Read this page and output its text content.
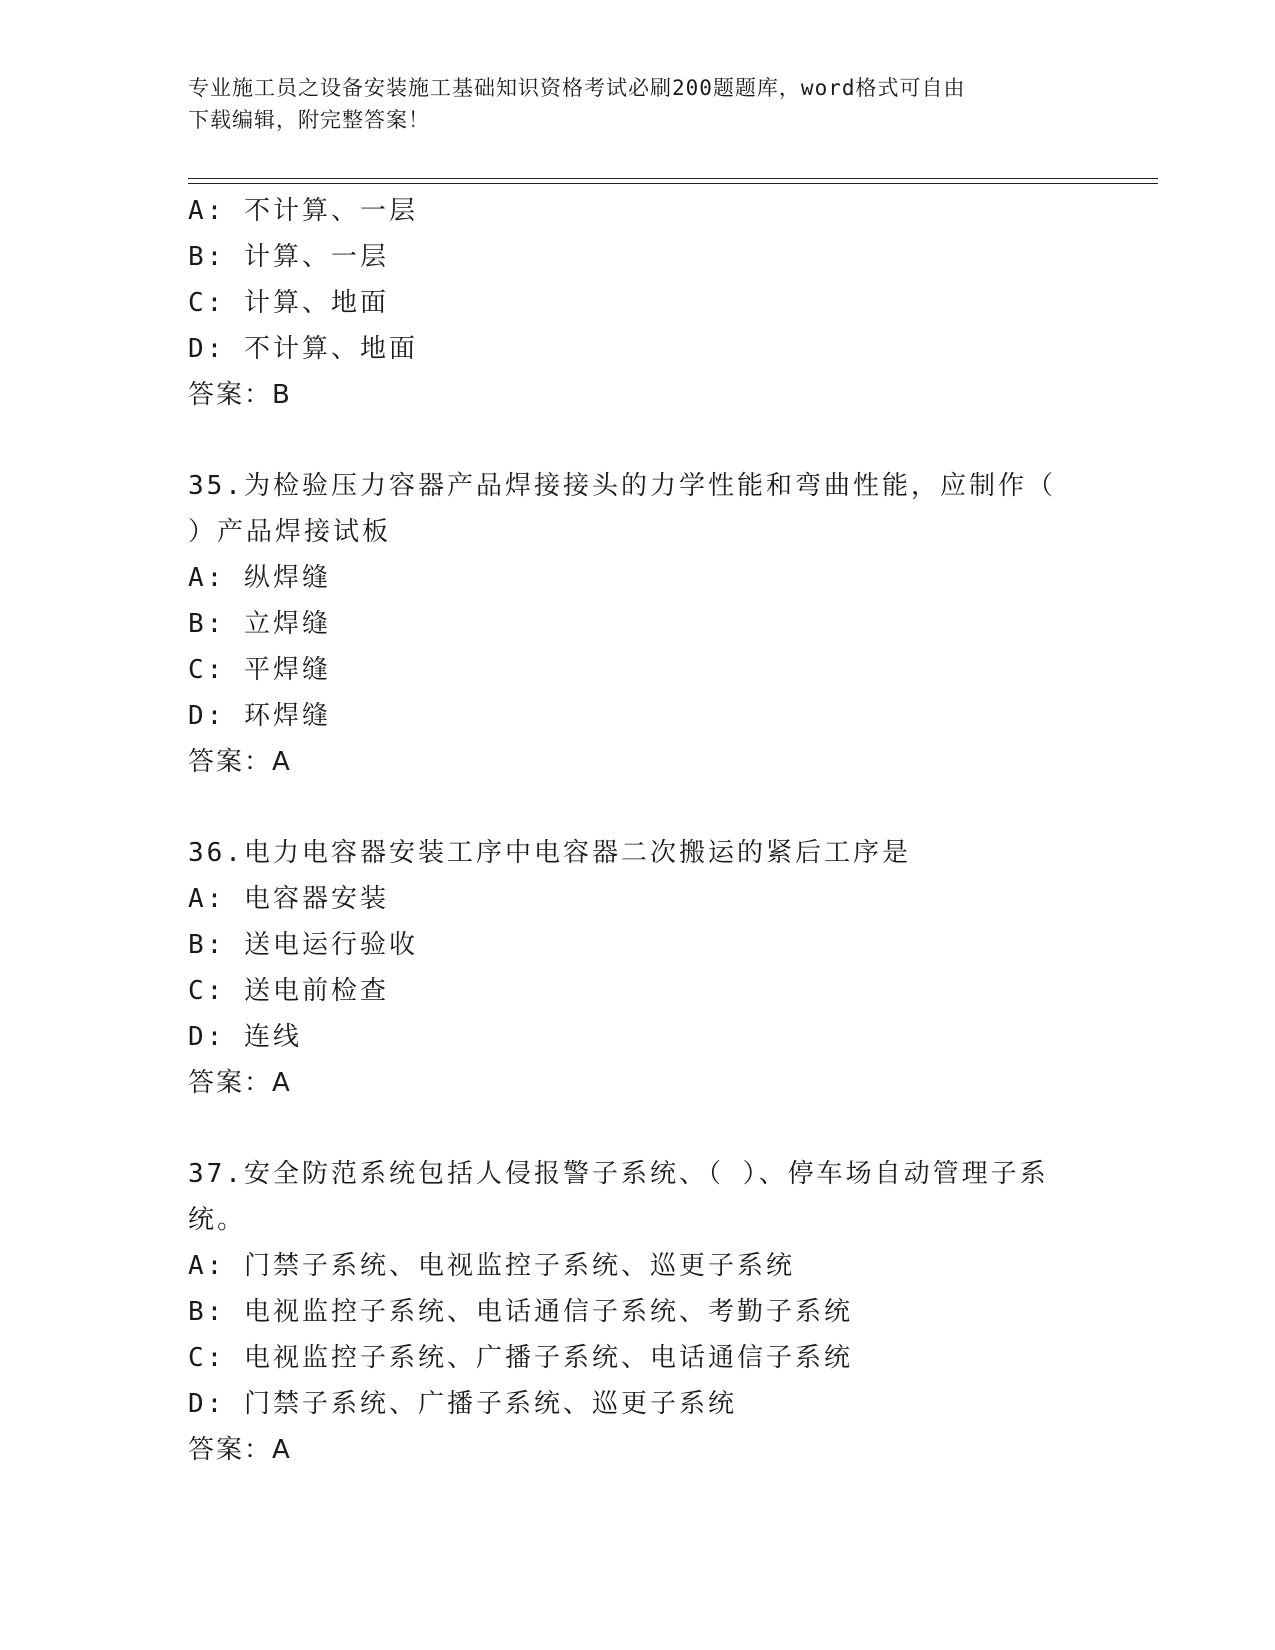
专业施工员之设备安装施工基础知识资格考试必刷200题题库，word格式可自由
下载编辑，附完整答案！
A: 不计算、一层
B: 计算、一层
C: 计算、地面
D: 不计算、地面
答案：B
35.为检验压力容器产品焊接接头的力学性能和弯曲性能，应制作（ ）产品焊接试板
A: 纵焊缝
B: 立焊缝
C: 平焊缝
D: 环焊缝
答案：A
36.电力电容器安装工序中电容器二次搬运的紧后工序是
A: 电容器安装
B: 送电运行验收
C: 送电前检查
D: 连线
答案：A
37.安全防范系统包括人侵报警子系统、（ ）、停车场自动管理子系统。
A: 门禁子系统、电视监控子系统、巡更子系统
B: 电视监控子系统、电话通信子系统、考勤子系统
C: 电视监控子系统、广播子系统、电话通信子系统
D: 门禁子系统、广播子系统、巡更子系统
答案：A
